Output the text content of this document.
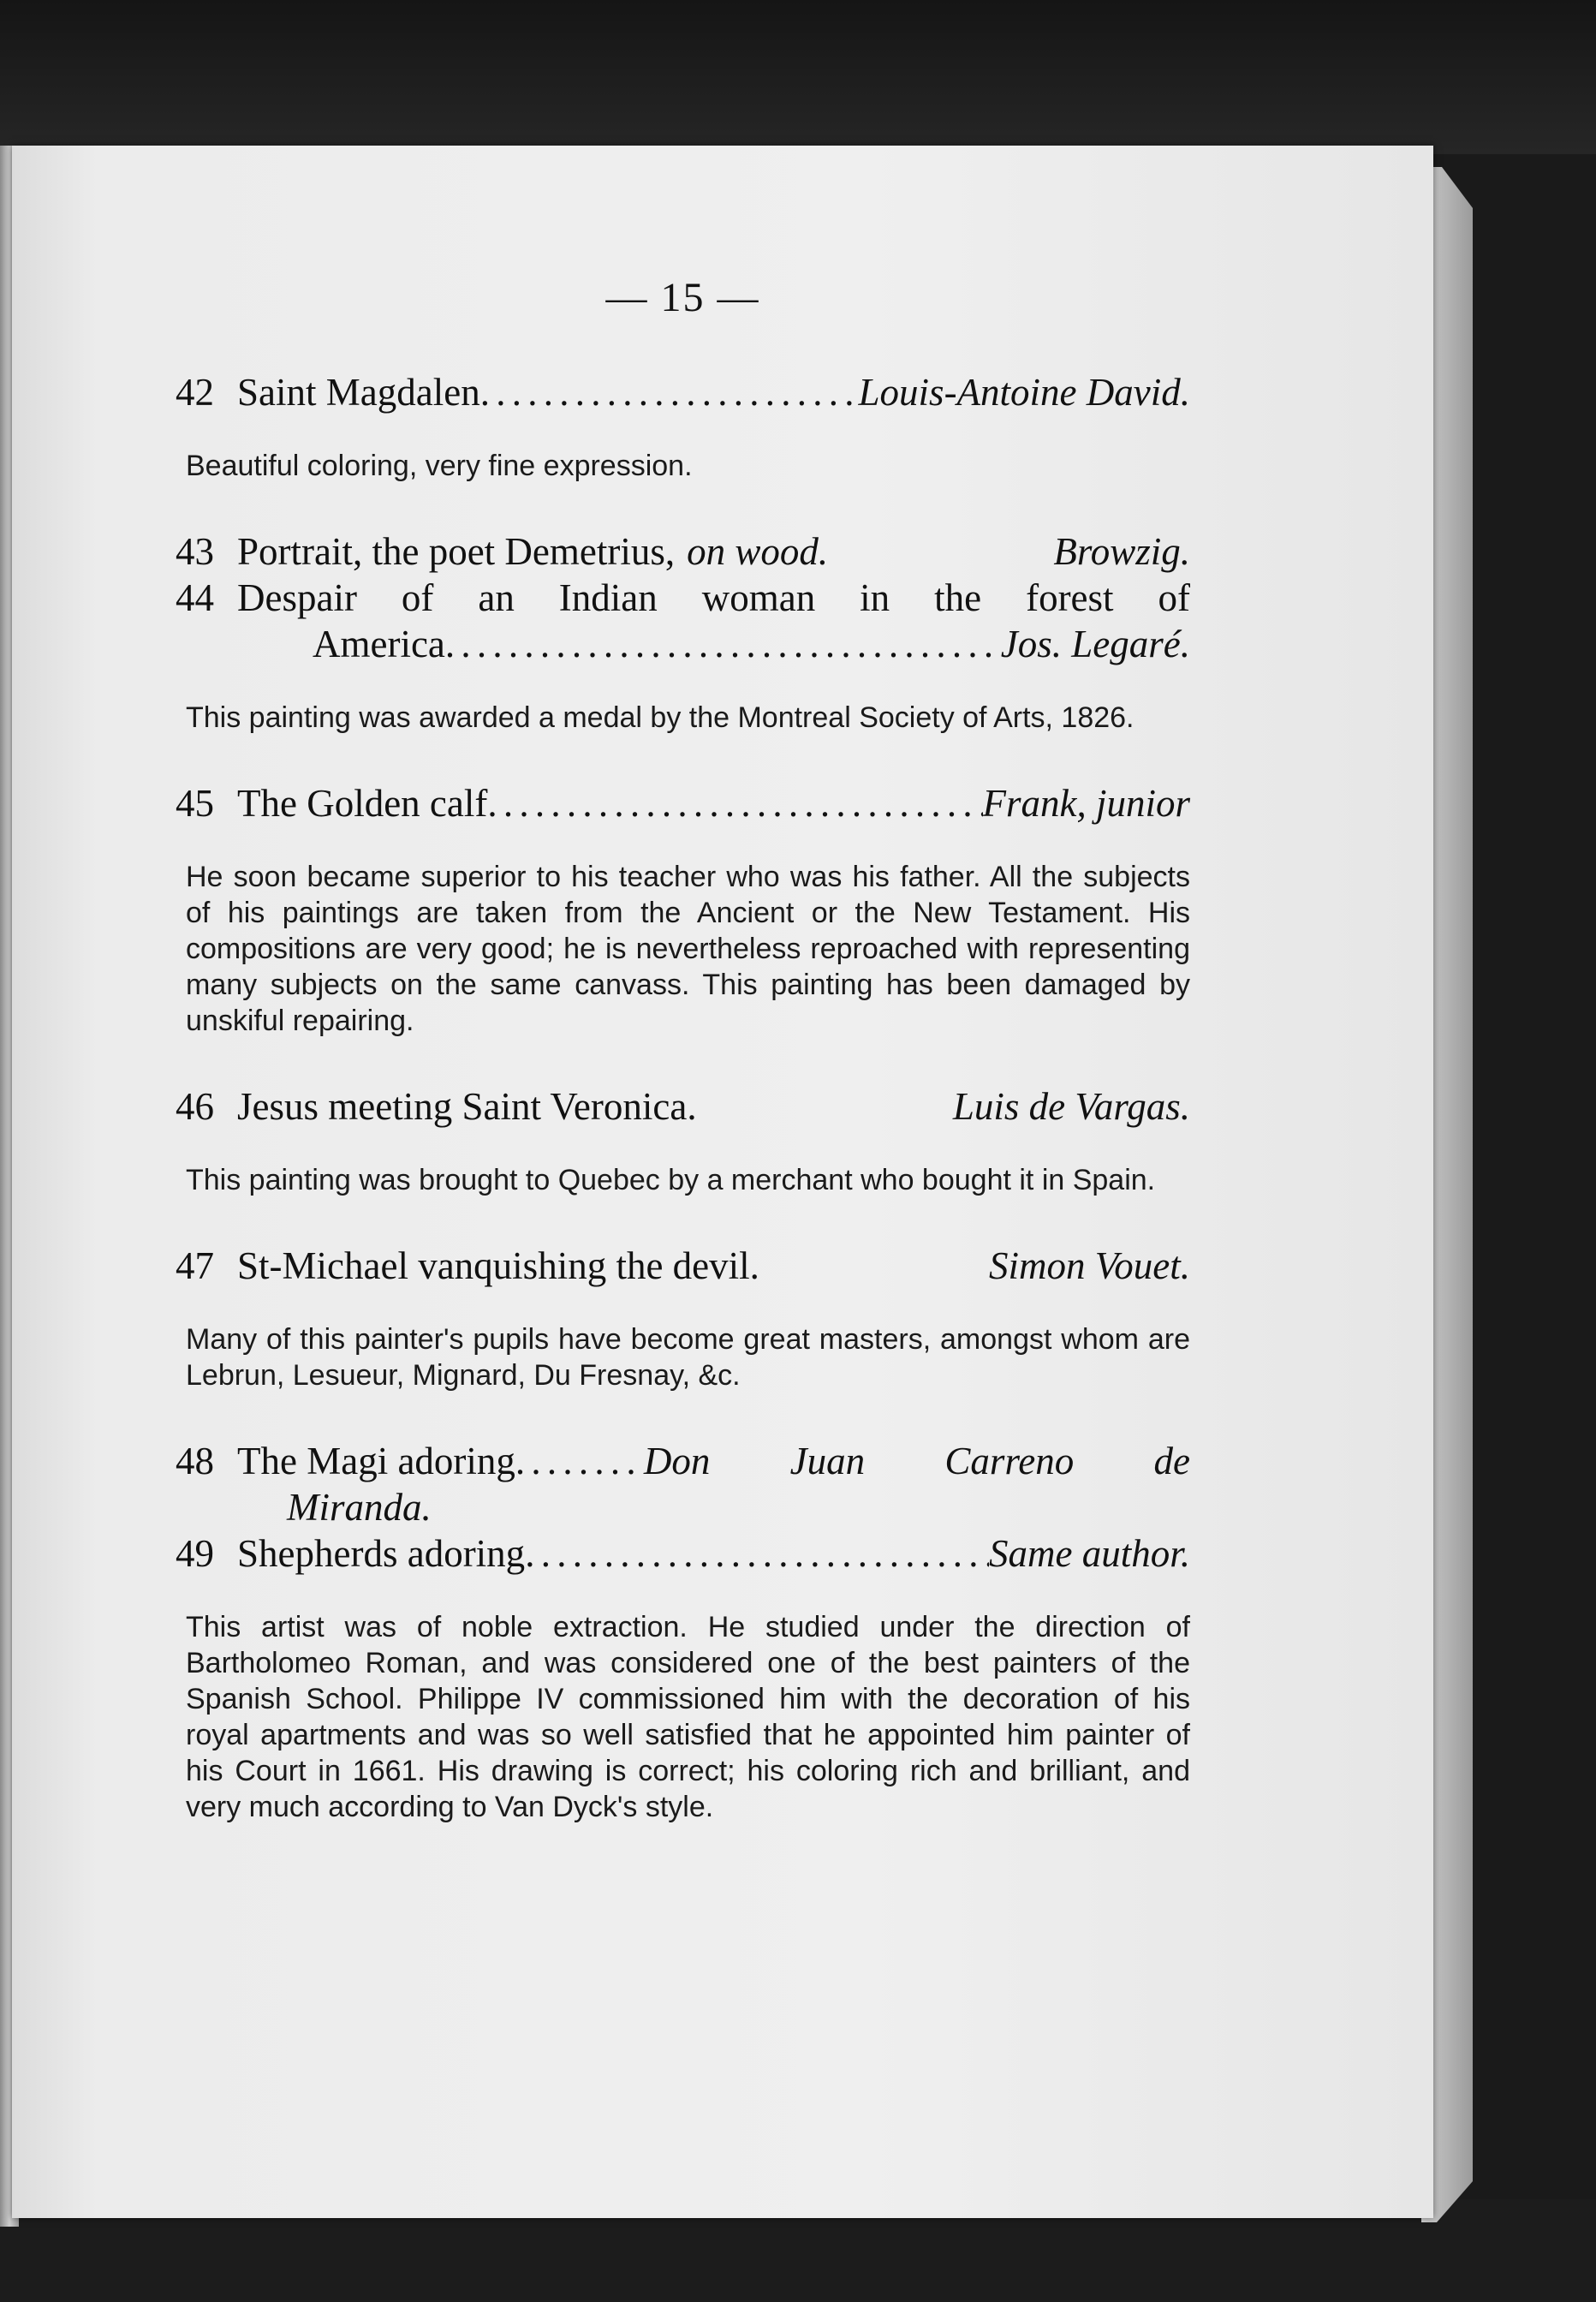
— 15 —
42 Saint Magdalen . . .	Louis-Antoine David.
Beautiful coloring, very fine expression.
43 Portrait, the poet Demetrius, on wood.	Browzig.
44 Despair of an Indian woman in the forest of
America . . .	Jos. Legaré.
This painting was awarded a medal by the Montreal Society of Arts, 1826.
45 The Golden calf . . .	Frank, junior
He soon became superior to his teacher who was his father. All the subjects of his paintings are taken from the Ancient or the New Testament. His compositions are very good; he is nevertheless reproached with representing many subjects on the same canvass. This painting has been damaged by unskiful repairing.
46 Jesus meeting Saint Veronica.	Luis de Vargas.
This painting was brought to Quebec by a merchant who bought it in Spain.
47 St-Michael vanquishing the devil.	Simon Vouet.
Many of this painter's pupils have become great masters, amongst whom are Lebrun, Lesueur, Mignard, Du Fresnay, &c.
48 The Magi adoring . . .	Don Juan Carreno de
Miranda.
49 Shepherds adoring . . .	Same author.
This artist was of noble extraction. He studied under the direction of Bartholomeo Roman, and was considered one of the best painters of the Spanish School. Philippe IV commissioned him with the decoration of his royal apartments and was so well satisfied that he appointed him painter of his Court in 1661. His drawing is correct; his coloring rich and brilliant, and very much according to Van Dyck's style.
